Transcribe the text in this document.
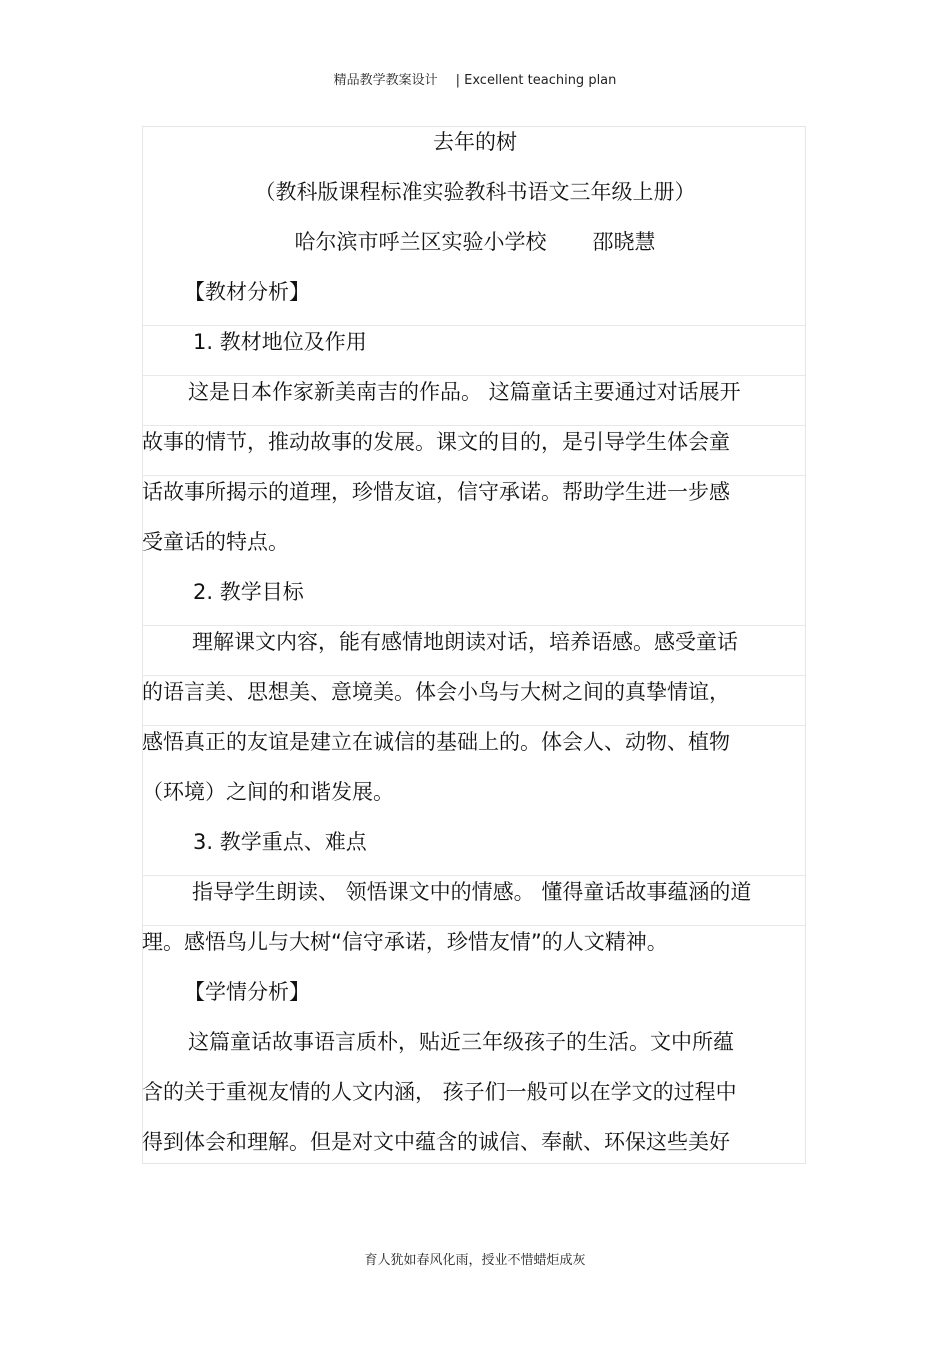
精品教学教案设计 | Excellent teaching plan
去年的树
（教科版课程标准实验教科书语文三年级上册）
哈尔滨市呼兰区实验小学校 邵晓慧
【教材分析】
1. 教材地位及作用
这是日本作家新美南吉的作品。 这篇童话主要通过对话展开
故事的情节，推动故事的发展。课文的目的，是引导学生体会童
话故事所揭示的道理，珍惜友谊，信守承诺。帮助学生进一步感
受童话的特点。
2. 教学目标
理解课文内容，能有感情地朗读对话，培养语感。感受童话
的语言美、思想美、意境美。体会小鸟与大树之间的真挚情谊，
感悟真正的友谊是建立在诚信的基础上的。体会人、动物、植物
（环境）之间的和谐发展。
3. 教学重点、难点
指导学生朗读、 领悟课文中的情感。 懂得童话故事蕴涵的道
理。感悟鸟儿与大树“信守承诺，珍惜友情”的人文精神。
【学情分析】
这篇童话故事语言质朴，贴近三年级孩子的生活。文中所蕴
含的关于重视友情的人文内涵， 孩子们一般可以在学文的过程中
得到体会和理解。但是对文中蕴含的诚信、奉献、环保这些美好
育人犹如春风化雨，授业不惜蜡炬成灰
